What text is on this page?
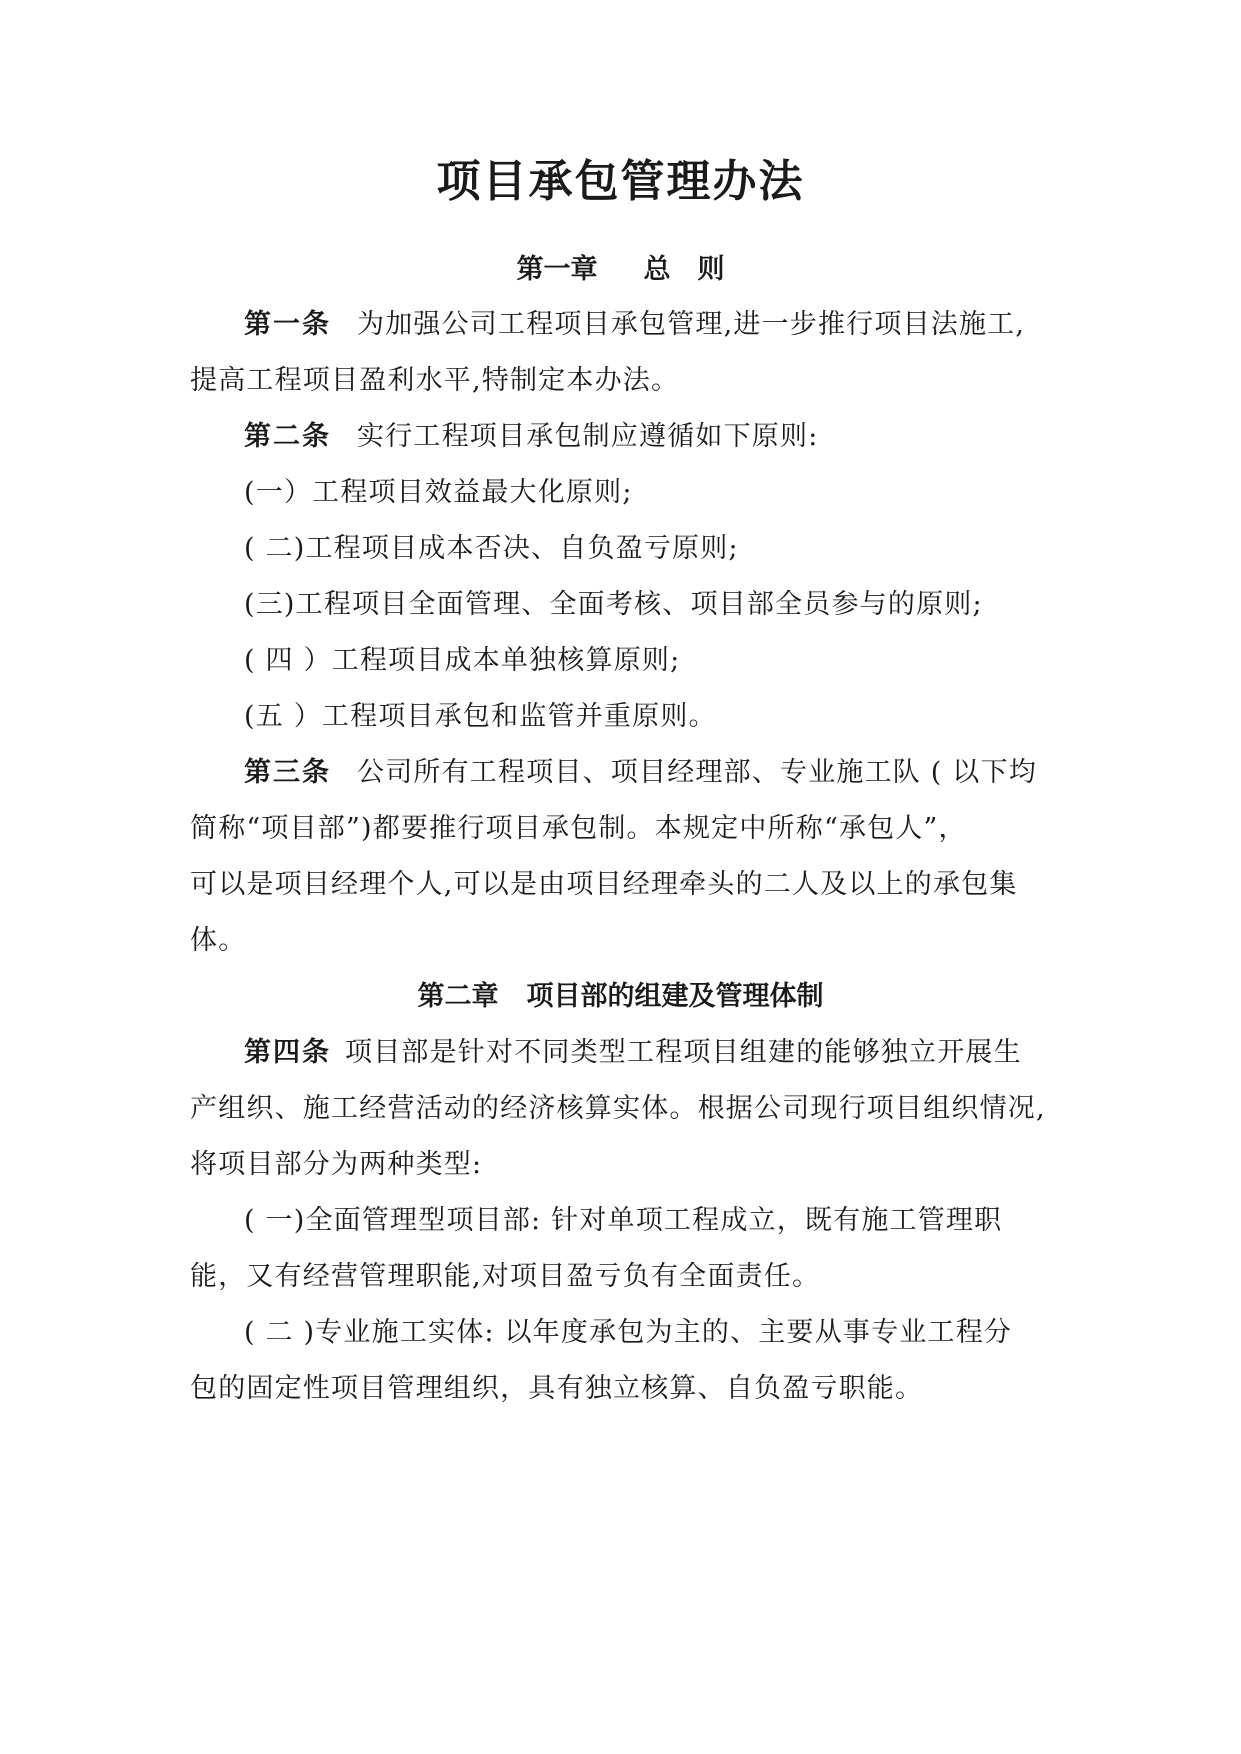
项目承包管理办法
第一章 总　则
第一条 为加强公司工程项目承包管理,进一步推行项目法施工,
提高工程项目盈利水平,特制定本办法。
第二条 实行工程项目承包制应遵循如下原则:
(一）工程项目效益最大化原则;
( 二)工程项目成本否决、自负盈亏原则;
(三)工程项目全面管理、全面考核、项目部全员参与的原则;
( 四 ）工程项目成本单独核算原则;
(五 ）工程项目承包和监管并重原则。
第三条 公司所有工程项目、项目经理部、专业施工队 ( 以下均
简称“项目部”)都要推行项目承包制。本规定中所称“承包人”，
可以是项目经理个人,可以是由项目经理牵头的二人及以上的承包集
体。
第二章 项目部的组建及管理体制
第四条 项目部是针对不同类型工程项目组建的能够独立开展生
产组织、施工经营活动的经济核算实体。根据公司现行项目组织情况,
将项目部分为两种类型:
( 一)全面管理型项目部: 针对单项工程成立，既有施工管理职
能，又有经营管理职能,对项目盈亏负有全面责任。
( 二 )专业施工实体: 以年度承包为主的、主要从事专业工程分
包的固定性项目管理组织，具有独立核算、自负盈亏职能。
